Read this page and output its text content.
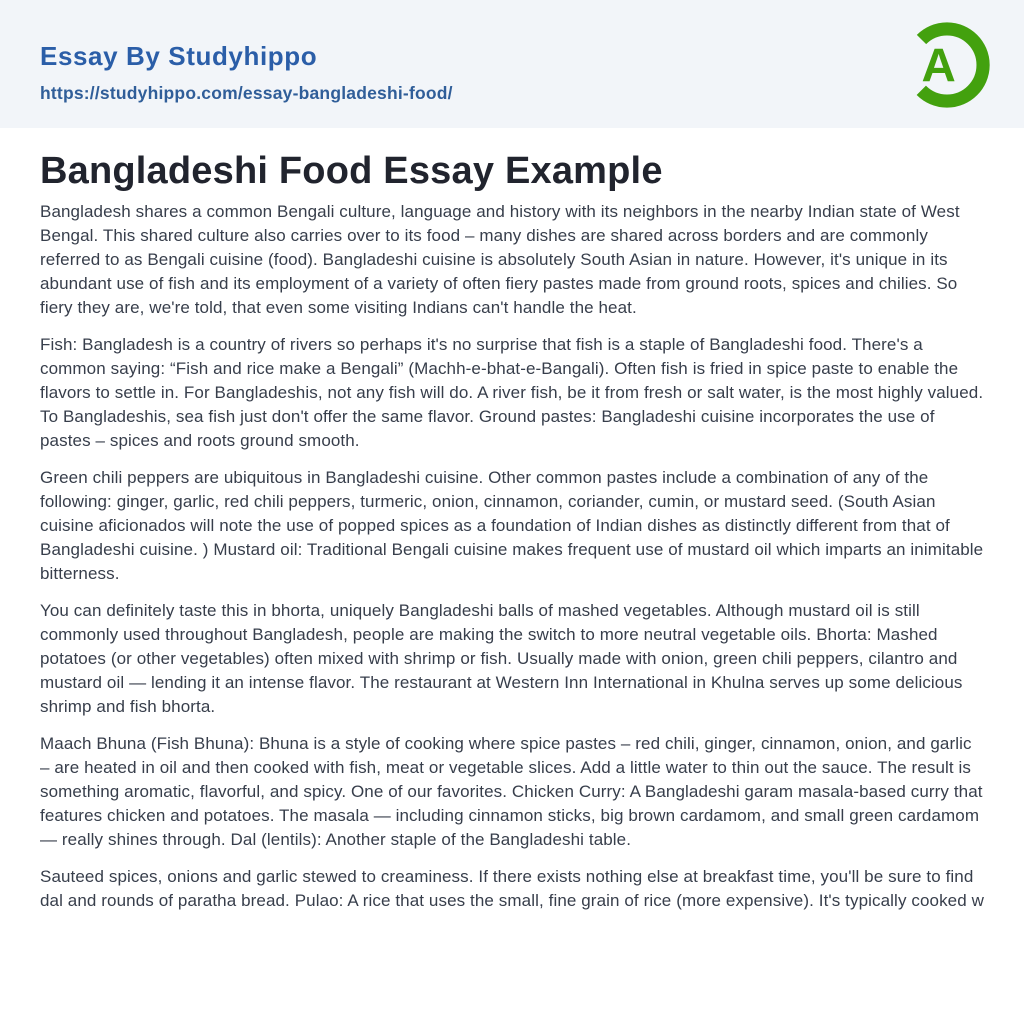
Essay By Studyhippo
https://studyhippo.com/essay-bangladeshi-food/
A
Bangladeshi Food Essay Example

Bangladesh shares a common Bengali culture, language and history with its neighbors in the nearby Indian state of West Bengal. This shared culture also carries over to its food – many dishes are shared across borders and are commonly referred to as Bengali cuisine (food). Bangladeshi cuisine is absolutely South Asian in nature. However, it's unique in its abundant use of fish and its employment of a variety of often fiery pastes made from ground roots, spices and chilies. So fiery they are, we're told, that even some visiting Indians can't handle the heat.

Fish: Bangladesh is a country of rivers so perhaps it's no surprise that fish is a staple of Bangladeshi food. There's a common saying: “Fish and rice make a Bengali” (Machh-e-bhat-e-Bangali). Often fish is fried in spice paste to enable the flavors to settle in. For Bangladeshis, not any fish will do. A river fish, be it from fresh or salt water, is the most highly valued. To Bangladeshis, sea fish just don't offer the same flavor. Ground pastes: Bangladeshi cuisine incorporates the use of pastes – spices and roots ground smooth.

Green chili peppers are ubiquitous in Bangladeshi cuisine. Other common pastes include a combination of any of the following: ginger, garlic, red chili peppers, turmeric, onion, cinnamon, coriander, cumin, or mustard seed. (South Asian cuisine aficionados will note the use of popped spices as a foundation of Indian dishes as distinctly different from that of Bangladeshi cuisine. ) Mustard oil: Traditional Bengali cuisine makes frequent use of mustard oil which imparts an inimitable bitterness.

You can definitely taste this in bhorta, uniquely Bangladeshi balls of mashed vegetables. Although mustard oil is still commonly used throughout Bangladesh, people are making the switch to more neutral vegetable oils. Bhorta: Mashed potatoes (or other vegetables) often mixed with shrimp or fish. Usually made with onion, green chili peppers, cilantro and mustard oil — lending it an intense flavor. The restaurant at Western Inn International in Khulna serves up some delicious shrimp and fish bhorta.

Maach Bhuna (Fish Bhuna): Bhuna is a style of cooking where spice pastes – red chili, ginger, cinnamon, onion, and garlic – are heated in oil and then cooked with fish, meat or vegetable slices. Add a little water to thin out the sauce. The result is something aromatic, flavorful, and spicy. One of our favorites. Chicken Curry: A Bangladeshi garam masala-based curry that features chicken and potatoes. The masala — including cinnamon sticks, big brown cardamom, and small green cardamom — really shines through. Dal (lentils): Another staple of the Bangladeshi table.

Sauteed spices, onions and garlic stewed to creaminess. If there exists nothing else at breakfast time, you'll be sure to find dal and rounds of paratha bread. Pulao: A rice that uses the small, fine grain of rice (more expensive). It's typically cooked w
